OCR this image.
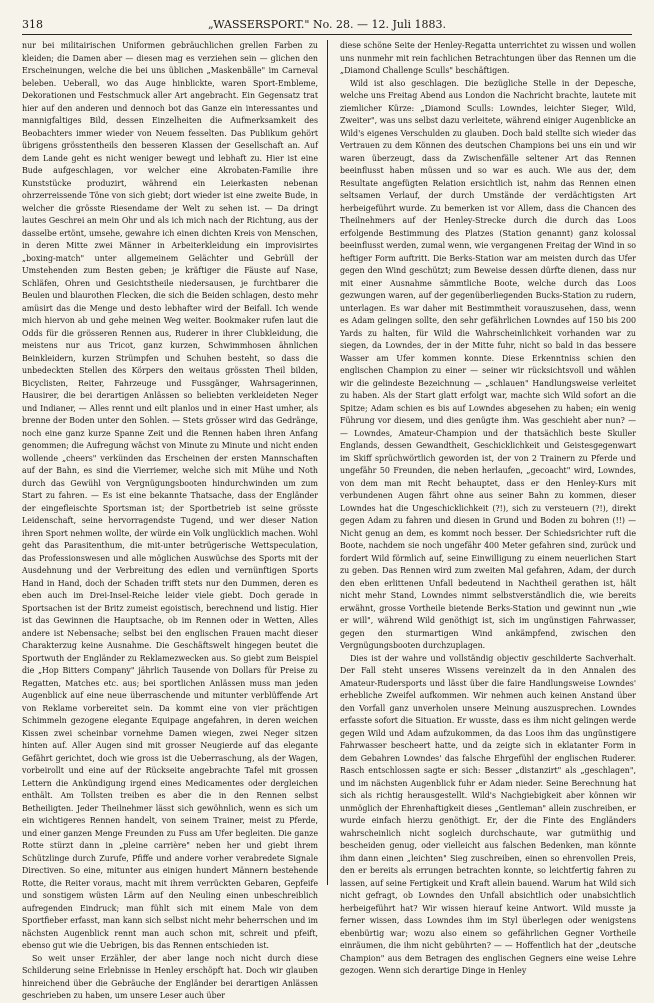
318	„WASSERSPORT." No. 28. — 12. Juli 1883.

nur bei militairischen Uniformen gebräuchlichen grellen Farben zu kleiden; die Damen aber — diesen mag es verziehen sein — glichen den Erscheinungen, welche die bei uns üblichen „Maskenbälle" im Carneval beleben. Ueberall, wo das Auge hinblickte, waren Sport-Embleme, Dekorationen und Festschmuck aller Art angebracht. Ein Gegensatz trat hier auf den anderen und dennoch bot das Ganze ein interessantes und mannigfaltiges Bild, dessen Einzelheiten die Aufmerksamkeit des Beobachters immer wieder von Neuem fesselten. Das Publikum gehört übrigens grösstentheils den besseren Klassen der Gesellschaft an. Auf dem Lande geht es nicht weniger bewegt und lebhaft zu. Hier ist eine Bude aufgeschlagen, vor welcher eine Akrobaten-Familie ihre Kunststücke produzirt, während ein Leierkasten nebenan ohrzerreissende Töne von sich giebt; dort wieder ist eine zweite Bude, in welcher die grösste Riesendame der Welt zu sehen ist. — Da dringt lautes Geschrei an mein Ohr und als ich mich nach der Richtung, aus der dasselbe ertönt, umsehe, gewahre ich einen dichten Kreis von Menschen, in deren Mitte zwei Männer in Arbeiterkleidung ein improvisirtes „boxing-match" unter allgemeinem Gelächter und Gebrüll der Umstehenden zum Besten geben; je kräftiger die Fäuste auf Nase, Schläfen, Ohren und Gesichtstheile niedersausen, je furchtbarer die Beulen und blaurothen Flecken, die sich die Beiden schlagen, desto mehr amüsirt das die Menge und desto lebhafter wird der Beifall. Ich wende mich hiervon ab und gehe meinen Weg weiter. Bookmaker rufen laut die Odds für die grösseren Rennen aus, Ruderer in ihrer Clubkleidung, die meistens nur aus Tricot, ganz kurzen, Schwimmhosen ähnlichen Beinkleidern, kurzen Strümpfen und Schuhen besteht, so dass die unbedeckten Stellen des Körpers den weitaus grössten Theil bilden, Bicyclisten, Reiter, Fahrzeuge und Fussgänger, Wahrsagerinnen, Hausirer, die bei derartigen Anlässen so beliebten verkleideten Neger und Indianer, — Alles rennt und eilt planlos und in einer Hast umher, als brenne der Boden unter den Sohlen. — Stets grösser wird das Gedränge, noch eine ganz kurze Spanne Zeit und die Rennen haben ihren Anfang genommen; die Aufregung wächst von Minute zu Minute und nicht enden wollende „cheers" verkünden das Erscheinen der ersten Mannschaften auf der Bahn, es sind die Vierriemer, welche sich mit Mühe und Noth durch das Gewühl von Vergnügungsbooten hindurchwinden um zum Start zu fahren. — Es ist eine bekannte Thatsache, dass der Engländer der eingefleischte Sportsman ist; der Sportbetrieb ist seine grösste Leidenschaft, seine hervorragendste Tugend, und wer dieser Nation ihren Sport nehmen wollte, der würde ein Volk unglücklich machen. Wohl geht das Parasitenthum, die mit-unter betrügerische Wettspeculation, das Professionswesen und alle möglichen Auswüchse des Sports mit der Ausdehnung und der Verbreitung des edlen und vernünftigen Sports Hand in Hand, doch der Schaden trifft stets nur den Dummen, deren es eben auch im Drei-Insel-Reiche leider viele giebt. Doch gerade in Sportsachen ist der Britz zumeist egoistisch, berechnend und listig. Hier ist das Gewinnen die Hauptsache, ob im Rennen oder in Wetten, Alles andere ist Nebensache; selbst bei den englischen Frauen macht dieser Charakterzug keine Ausnahme. Die Geschäftswelt hingegen beutet die Sportwuth der Engländer zu Reklamezwecken aus. So giebt zum Beispiel die „Hop Bitters Company" jährlich Tausende von Dollars für Preise zu Regatten, Matches etc. aus; bei sportlichen Anlässen muss man jeden Augenblick auf eine neue überraschende und mitunter verblüffende Art von Reklame vorbereitet sein. Da kommt eine von vier prächtigen Schimmeln gezogene elegante Equipage angefahren, in deren weichen Kissen zwei scheinbar vornehme Damen wiegen, zwei Neger sitzen hinten auf. Aller Augen sind mit grosser Neugierde auf das elegante Gefährt gerichtet, doch wie gross ist die Ueberraschung, als der Wagen, vorbeirollt und eine auf der Rückseite angebrachte Tafel mit grossen Lettern die Ankündigung irgend eines Medicamentes oder dergleichen enthält. Am Tollsten treiben es aber die in den Rennen selbst Betheiligten. Jeder Theilnehmer lässt sich gewöhnlich, wenn es sich um ein wichtigeres Rennen handelt, von seinem Trainer, meist zu Pferde, und einer ganzen Menge Freunden zu Fuss am Ufer begleiten. Die ganze Rotte stürzt dann in „pleine carrière" neben her und giebt ihrem Schützlinge durch Zurufe, Pfiffe und andere vorher verabredete Signale Directiven. So eine, mitunter aus einigen hundert Männern bestehende Rotte, die Reiter voraus, macht mit ihrem verrückten Gebaren, Gepfeife und sonstigem wüsten Lärm auf den Neuling einen unbeschreiblich aufregenden Eindruck; man fühlt sich mit einem Male von dem Sportfieber erfasst, man kann sich selbst nicht mehr beherrschen und im nächsten Augenblick rennt man auch schon mit, schreit und pfeift, ebenso gut wie die Uebrigen, bis das Rennen entschieden ist.

So weit unser Erzähler, der aber lange noch nicht durch diese Schilderung seine Erlebnisse in Henley erschöpft hat. Doch wir glauben hinreichend über die Gebräuche der Engländer bei derartigen Anlässen geschrieben zu haben, um unsere Leser auch über

diese schöne Seite der Henley-Regatta unterrichtet zu wissen und wollen uns nunmehr mit rein fachlichen Betrachtungen über das Rennen um die „Diamond Challenge Sculls" beschäftigen.

Wild ist also geschlagen. Die bezügliche Stelle in der Depesche, welche uns Freitag Abend aus London die Nachricht brachte, lautete mit ziemlicher Kürze: „Diamond Sculls: Lowndes, leichter Sieger, Wild, Zweiter", was uns selbst dazu verleitete, während einiger Augenblicke an Wild's eigenes Verschulden zu glauben. Doch bald stellte sich wieder das Vertrauen zu dem Können des deutschen Champions bei uns ein und wir waren überzeugt, dass da Zwischenfälle seltener Art das Rennen beeinflusst haben müssen und so war es auch. Wie aus der, dem Resultate angefügten Relation ersichtlich ist, nahm das Rennen einen seltsamen Verlauf, der durch Umstände der verdächtigsten Art herbeigeführt wurde. Zu bemerken ist vor Allem, dass die Chancen des Theilnehmers auf der Henley-Strecke durch die durch das Loos erfolgende Bestimmung des Platzes (Station genannt) ganz kolossal beeinflusst werden, zumal wenn, wie vergangenen Freitag der Wind in so heftiger Form auftritt. Die Berks-Station war am meisten durch das Ufer gegen den Wind geschützt; zum Beweise dessen dürfte dienen, dass nur mit einer Ausnahme sämmtliche Boote, welche durch das Loos gezwungen waren, auf der gegenüberliegenden Bucks-Station zu rudern, unterlagen. Es war daher mit Bestimmtheit vorauszusehen, dass, wenn es Adam gelingen sollte, den sehr gefährlichen Lowndes auf 150 bis 200 Yards zu halten, für Wild die Wahrscheinlichkeit vorhanden war zu siegen, da Lowndes, der in der Mitte fuhr, nicht so bald in das bessere Wasser am Ufer kommen konnte. Diese Erkenntniss schien den englischen Champion zu einer — seiner wir rücksichtsvoll und wählen wir die gelindeste Bezeichnung — „schlauen" Handlungsweise verleitet zu haben. Als der Start glatt erfolgt war, machte sich Wild sofort an die Spitze; Adam schien es bis auf Lowndes abgesehen zu haben; ein wenig Führung vor diesem, und dies genügte ihm. Was geschieht aber nun? — — Lowndes, Amateur-Champion und der thatsächlich beste Skuller Englands, dessen Gewandtheit, Geschicklichkeit und Geistesgegenwart im Skiff sprüchwörtlich geworden ist, der von 2 Trainern zu Pferde und ungefähr 50 Freunden, die neben herlaufen, „gecoacht" wird, Lowndes, von dem man mit Recht behauptet, dass er den Henley-Kurs mit verbundenen Augen fährt ohne aus seiner Bahn zu kommen, dieser Lowndes hat die Ungeschicklichkeit (?!), sich zu versteuern (?!), direkt gegen Adam zu fahren und diesen in Grund und Boden zu bohren (!!) — Nicht genug an dem, es kommt noch besser. Der Schiedsrichter ruft die Boote, nachdem sie noch ungefähr 400 Meter gefahren sind, zurück und fordert Wild förmlich auf, seine Einwilligung zu einem neuerlichen Start zu geben. Das Rennen wird zum zweiten Mal gefahren, Adam, der durch den eben erlittenen Unfall bedeutend in Nachtheil gerathen ist, hält nicht mehr Stand, Lowndes nimmt selbstverständlich die, wie bereits erwähnt, grosse Vortheile bietende Berks-Station und gewinnt nun „wie er will", während Wild genöthigt ist, sich im ungünstigen Fahrwasser, gegen den sturmartigen Wind ankämpfend, zwischen den Vergnügungsbooten durchzuplagen.

Dies ist der wahre und vollständig objectiv geschilderte Sachverhalt. Der Fall steht unseres Wissens vereinzelt da in den Annalen des Amateur-Rudersports und lässt über die faire Handlungsweise Lowndes' erhebliche Zweifel aufkommen. Wir nehmen auch keinen Anstand über den Vorfall ganz unverholen unsere Meinung auszusprechen. Lowndes erfasste sofort die Situation. Er wusste, dass es ihm nicht gelingen werde gegen Wild und Adam aufzukommen, da das Loos ihm das ungünstigere Fahrwasser bescheert hatte, und da zeigte sich in eklatanter Form in dem Gebahren Lowndes' das falsche Ehrgefühl der englischen Ruderer. Rasch entschlossen sagte er sich: Besser „distanzirt" als „geschlagen", und im nächsten Augenblick fuhr er Adam nieder. Seine Berechnung hat sich als richtig herausgestellt. Wild's Nachgiebigkeit aber können wir unmöglich der Ehrenhaftigkeit dieses „Gentleman" allein zuschreiben, er wurde einfach hierzu genöthigt. Er, der die Finte des Engländers wahrscheinlich nicht sogleich durchschaute, war gutmüthig und bescheiden genug, oder vielleicht aus falschen Bedenken, man könnte ihm dann einen „leichten" Sieg zuschreiben, einen so ehrenvollen Preis, den er bereits als errungen betrachten konnte, so leichtfertig fahren zu lassen, auf seine Fertigkeit und Kraft allein bauend. Warum hat Wild sich nicht gefragt, ob Lowndes den Unfall absichtlich oder unabsichtlich herbeigeführt hat? Wir wissen hierauf keine Antwort. Wild musste ja ferner wissen, dass Lowndes ihm im Styl überlegen oder wenigstens ebenbürtig war; wozu also einem so gefährlichen Gegner Vortheile einräumen, die ihm nicht gebührten? — — Hoffentlich hat der „deutsche Champion" aus dem Betragen des englischen Gegners eine weise Lehre gezogen. Wenn sich derartige Dinge in Henley
